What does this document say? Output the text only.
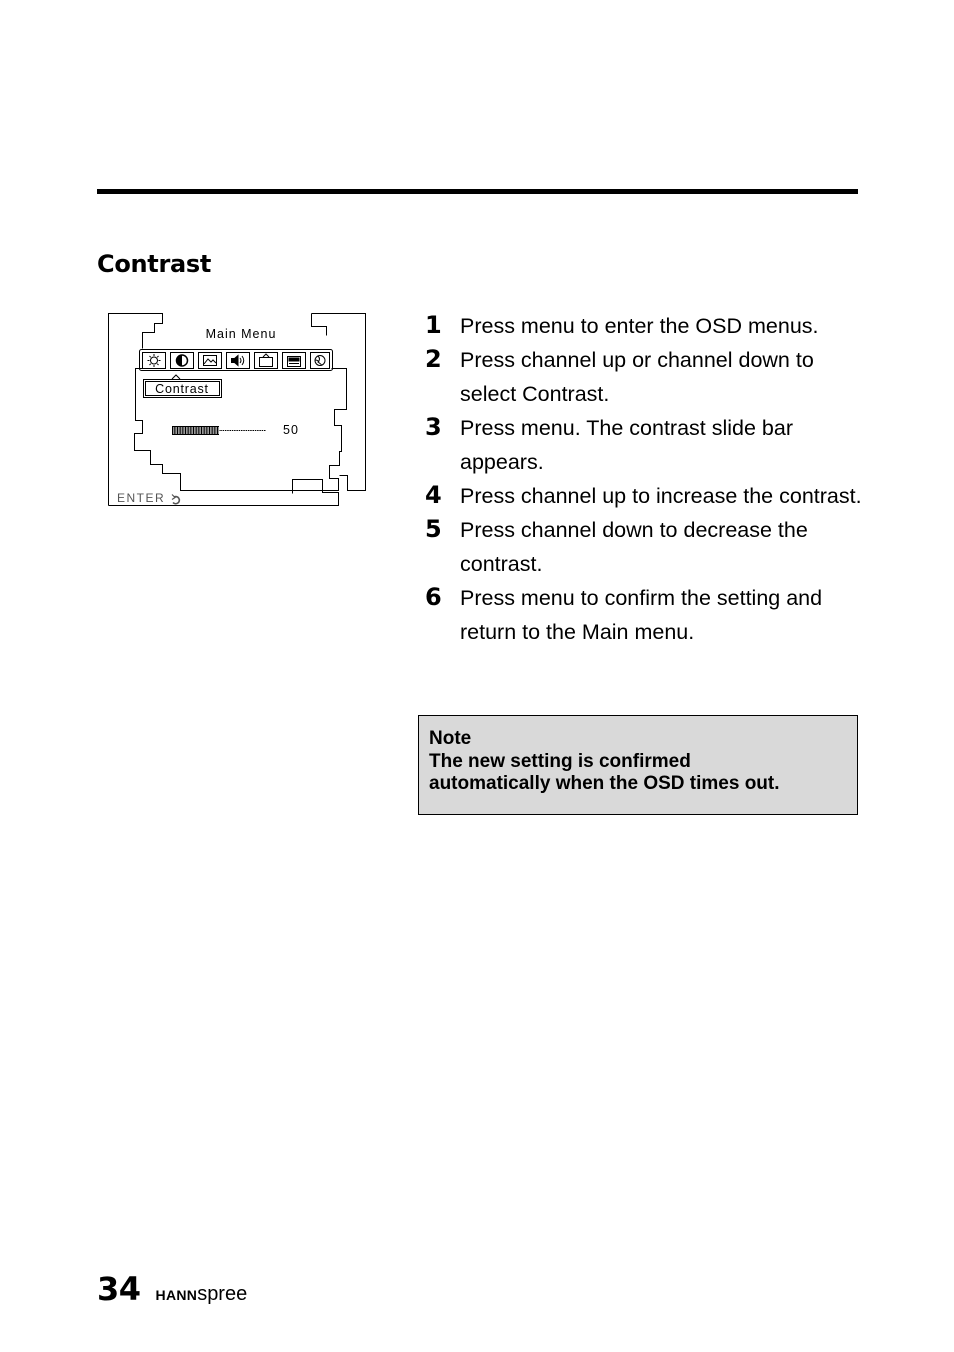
Contrast
Main Menu
Contrast
50
ENTER
1 Press menu to enter the OSD menus.
2 Press channel up or channel down to select Contrast.
3 Press menu. The contrast slide bar appears.
4 Press channel up to increase the contrast.
5 Press channel down to decrease the contrast.
6 Press menu to confirm the setting and return to the Main menu.
Note
The new setting is confirmed
automatically when the OSD times out.
34 HANNspree
